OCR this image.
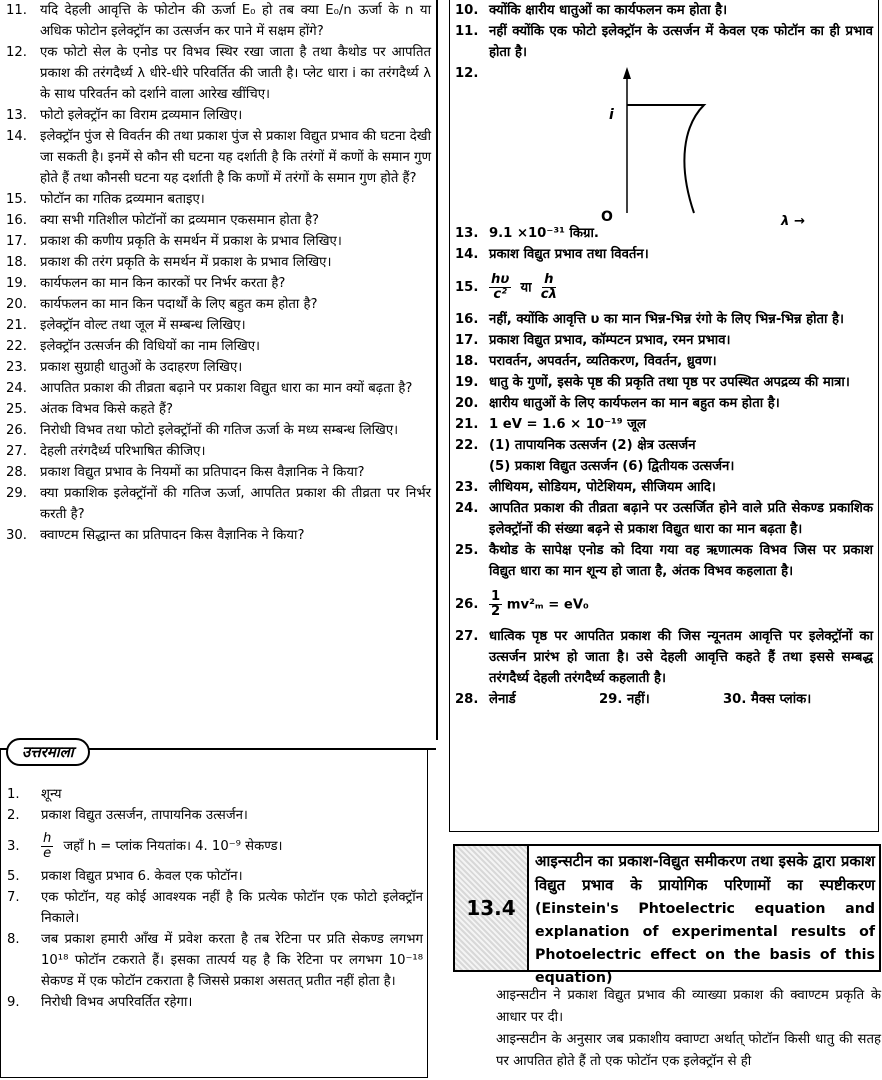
11. यदि देहली आवृत्ति के फोटोन की ऊर्जा E₀ हो तब क्या E₀/n ऊर्जा के n या अधिक फोटोन इलेक्ट्रॉन का उत्सर्जन कर पाने में सक्षम होंगे?
12. एक फोटो सेल के एनोड पर विभव स्थिर रखा जाता है तथा कैथोड पर आपतित प्रकाश की तरंगदैर्ध्य λ धीरे-धीरे परिवर्तित की जाती है। प्लेट धारा i का तरंगदैर्ध्य λ के साथ परिवर्तन को दर्शाने वाला आरेख खींचिए।
13. फोटो इलेक्ट्रॉन का विराम द्रव्यमान लिखिए।
14. इलेक्ट्रॉन पुंज से विवर्तन की तथा प्रकाश पुंज से प्रकाश विद्युत प्रभाव की घटना देखी जा सकती है। इनमें से कौन सी घटना यह दर्शाती है कि तरंगों में कणों के समान गुण होते हैं तथा कौनसी घटना यह दर्शाती है कि कणों में तरंगों के समान गुण होते हैं?
15. फोटॉन का गतिक द्रव्यमान बताइए।
16. क्या सभी गतिशील फोटॉनों का द्रव्यमान एकसमान होता है?
17. प्रकाश की कणीय प्रकृति के समर्थन में प्रकाश के प्रभाव लिखिए।
18. प्रकाश की तरंग प्रकृति के समर्थन में प्रकाश के प्रभाव लिखिए।
19. कार्यफलन का मान किन कारकों पर निर्भर करता है?
20. कार्यफलन का मान किन पदार्थों के लिए बहुत कम होता है?
21. इलेक्ट्रॉन वोल्ट तथा जूल में सम्बन्ध लिखिए।
22. इलेक्ट्रॉन उत्सर्जन की विधियों का नाम लिखिए।
23. प्रकाश सुग्राही धातुओं के उदाहरण लिखिए।
24. आपतित प्रकाश की तीव्रता बढ़ाने पर प्रकाश विद्युत धारा का मान क्यों बढ़ता है?
25. अंतक विभव किसे कहते हैं?
26. निरोधी विभव तथा फोटो इलेक्ट्रॉनों की गतिज ऊर्जा के मध्य सम्बन्ध लिखिए।
27. देहली तरंगदैर्ध्य परिभाषित कीजिए।
28. प्रकाश विद्युत प्रभाव के नियमों का प्रतिपादन किस वैज्ञानिक ने किया?
29. क्या प्रकाशिक इलेक्ट्रॉनों की गतिज ऊर्जा, आपतित प्रकाश की तीव्रता पर निर्भर करती है?
30. क्वाण्टम सिद्धान्त का प्रतिपादन किस वैज्ञानिक ने किया?
1.	शून्य
2.	प्रकाश विद्युत उत्सर्जन, तापायनिक उत्सर्जन।
3.	$\frac{h}{e}$ जहाँ h = प्लांक नियतांक। 4. 10⁻⁹ सेकण्ड।
5.	प्रकाश विद्युत प्रभाव 6. केवल एक फोटॉन।
7.	एक फोटॉन, यह कोई आवश्यक नहीं है कि प्रत्येक फोटॉन एक फोटो इलेक्ट्रॉन निकाले।
8.	जब प्रकाश हमारी आँख में प्रवेश करता है तब रेटिना पर प्रति सेकण्ड लगभग 10¹⁸ फोटॉन टकराते हैं। इसका तात्पर्य यह है कि रेटिना पर लगभग 10⁻¹⁸ सेकण्ड में एक फोटॉन टकराता है जिससे प्रकाश असतत् प्रतीत नहीं होता है।
9.	निरोधी विभव अपरिवर्तित रहेगा।
उत्तरमाला
10. क्योंकि क्षारीय धातुओं का कार्यफलन कम होता है।
11. नहीं क्योंकि एक फोटो इलेक्ट्रॉन के उत्सर्जन में केवल एक फोटॉन का ही प्रभाव होता है।
12.
i
O	λ →
13. 9.1 ×10⁻³¹ किग्रा.
14. प्रकाश विद्युत प्रभाव तथा विवर्तन।
15. $\frac{h\upsilon}{\text{c²}}$ या $\frac{h}{c\lambda}$
16. नहीं, क्योंकि आवृत्ति υ का मान भिन्न-भिन्न रंगो के लिए भिन्न-भिन्न होता है।
17. प्रकाश विद्युत प्रभाव, कॉम्पटन प्रभाव, रमन प्रभाव।
18. परावर्तन, अपवर्तन, व्यतिकरण, विवर्तन, ध्रुवण।
19. धातु के गुणों, इसके पृष्ठ की प्रकृति तथा पृष्ठ पर उपस्थित अपद्रव्य की मात्रा।
20. क्षारीय धातुओं के लिए कार्यफलन का मान बहुत कम होता है।
21. 1 eV = 1.6 × 10⁻¹⁹ जूल
22. (1) तापायनिक उत्सर्जन (2) क्षेत्र उत्सर्जन
(5) प्रकाश विद्युत उत्सर्जन (6) द्वितीयक उत्सर्जन।
23. लीथियम, सोडियम, पोटेशियम, सीजियम आदि।
24. आपतित प्रकाश की तीव्रता बढ़ाने पर उत्सर्जित होने वाले प्रति सेकण्ड प्रकाशिक इलेक्ट्रॉनों की संख्या बढ़ने से प्रकाश विद्युत धारा का मान बढ़ता है।
25. कैथोड के सापेक्ष एनोड को दिया गया वह ऋणात्मक विभव जिस पर प्रकाश विद्युत धारा का मान शून्य हो जाता है, अंतक विभव कहलाता है।
26. $\frac{1}{2} mv^2_m = eV_0$
27. धात्विक पृष्ठ पर आपतित प्रकाश की जिस न्यूनतम आवृत्ति पर इलेक्ट्रॉनों का उत्सर्जन प्रारंभ हो जाता है। उसे देहली आवृत्ति कहते हैं तथा इससे सम्बद्ध तरंगदैर्ध्य देहली तरंगदैर्ध्य कहलाती है।
28. लेनार्ड	29. नहीं।	30. मैक्स प्लांक।
13.4
आइन्सटीन का प्रकाश-विद्युत समीकरण तथा इसके द्वारा प्रकाश विद्युत प्रभाव के प्रायोगिक परिणामों का स्पष्टीकरण (Einstein's Phtoelectric equation and explanation of experimental results of Photoelectric effect on the basis of this equation)

आइन्सटीन ने प्रकाश विद्युत प्रभाव की व्याख्या प्रकाश की क्वाण्टम प्रकृति के आधार पर दी।

आइन्सटीन के अनुसार जब प्रकाशीय क्वाण्टा अर्थात् फोटॉन किसी धातु की सतह पर आपतित होते हैं तो एक फोटॉन एक इलेक्ट्रॉन से ही
